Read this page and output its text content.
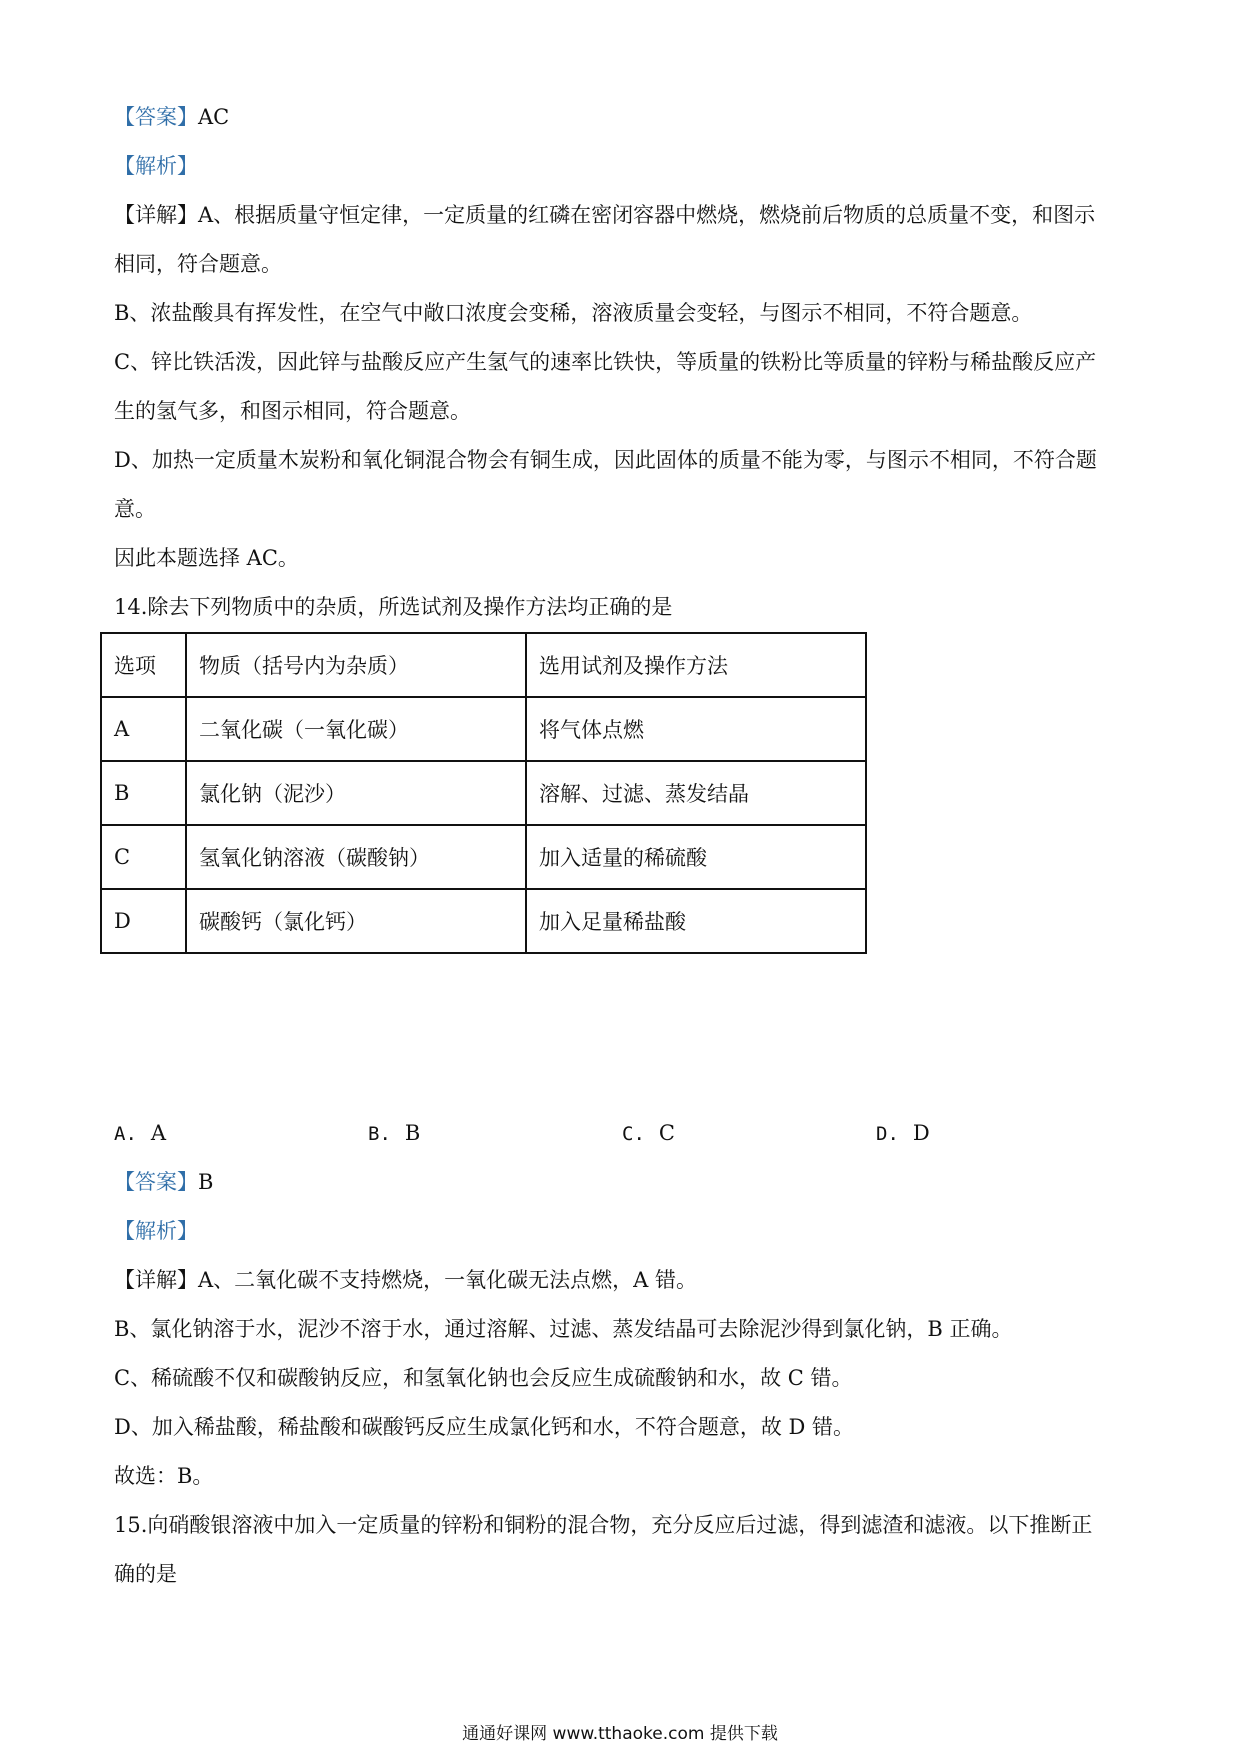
【答案】AC
【解析】
【详解】A、根据质量守恒定律，一定质量的红磷在密闭容器中燃烧，燃烧前后物质的总质量不变，和图示
相同，符合题意。
B、浓盐酸具有挥发性，在空气中敞口浓度会变稀，溶液质量会变轻，与图示不相同，不符合题意。
C、锌比铁活泼，因此锌与盐酸反应产生氢气的速率比铁快，等质量的铁粉比等质量的锌粉与稀盐酸反应产
生的氢气多，和图示相同，符合题意。
D、加热一定质量木炭粉和氧化铜混合物会有铜生成，因此固体的质量不能为零，与图示不相同，不符合题
意。
因此本题选择 AC。
14.除去下列物质中的杂质，所选试剂及操作方法均正确的是
选项	物质（括号内为杂质）	选用试剂及操作方法
A	二氧化碳（一氧化碳）	将气体点燃
B	氯化钠（泥沙）	溶解、过滤、蒸发结晶
C	氢氧化钠溶液（碳酸钠）	加入适量的稀硫酸
D	碳酸钙（氯化钙）	加入足量稀盐酸
A. A	B. B	C. C	D. D
【答案】B
【解析】
【详解】A、二氧化碳不支持燃烧，一氧化碳无法点燃，A 错。
B、氯化钠溶于水，泥沙不溶于水，通过溶解、过滤、蒸发结晶可去除泥沙得到氯化钠，B 正确。
C、稀硫酸不仅和碳酸钠反应，和氢氧化钠也会反应生成硫酸钠和水，故 C 错。
D、加入稀盐酸，稀盐酸和碳酸钙反应生成氯化钙和水，不符合题意，故 D 错。
故选：B。
15.向硝酸银溶液中加入一定质量的锌粉和铜粉的混合物，充分反应后过滤，得到滤渣和滤液。以下推断正
确的是
通通好课网 www.tthaoke.com 提供下载
